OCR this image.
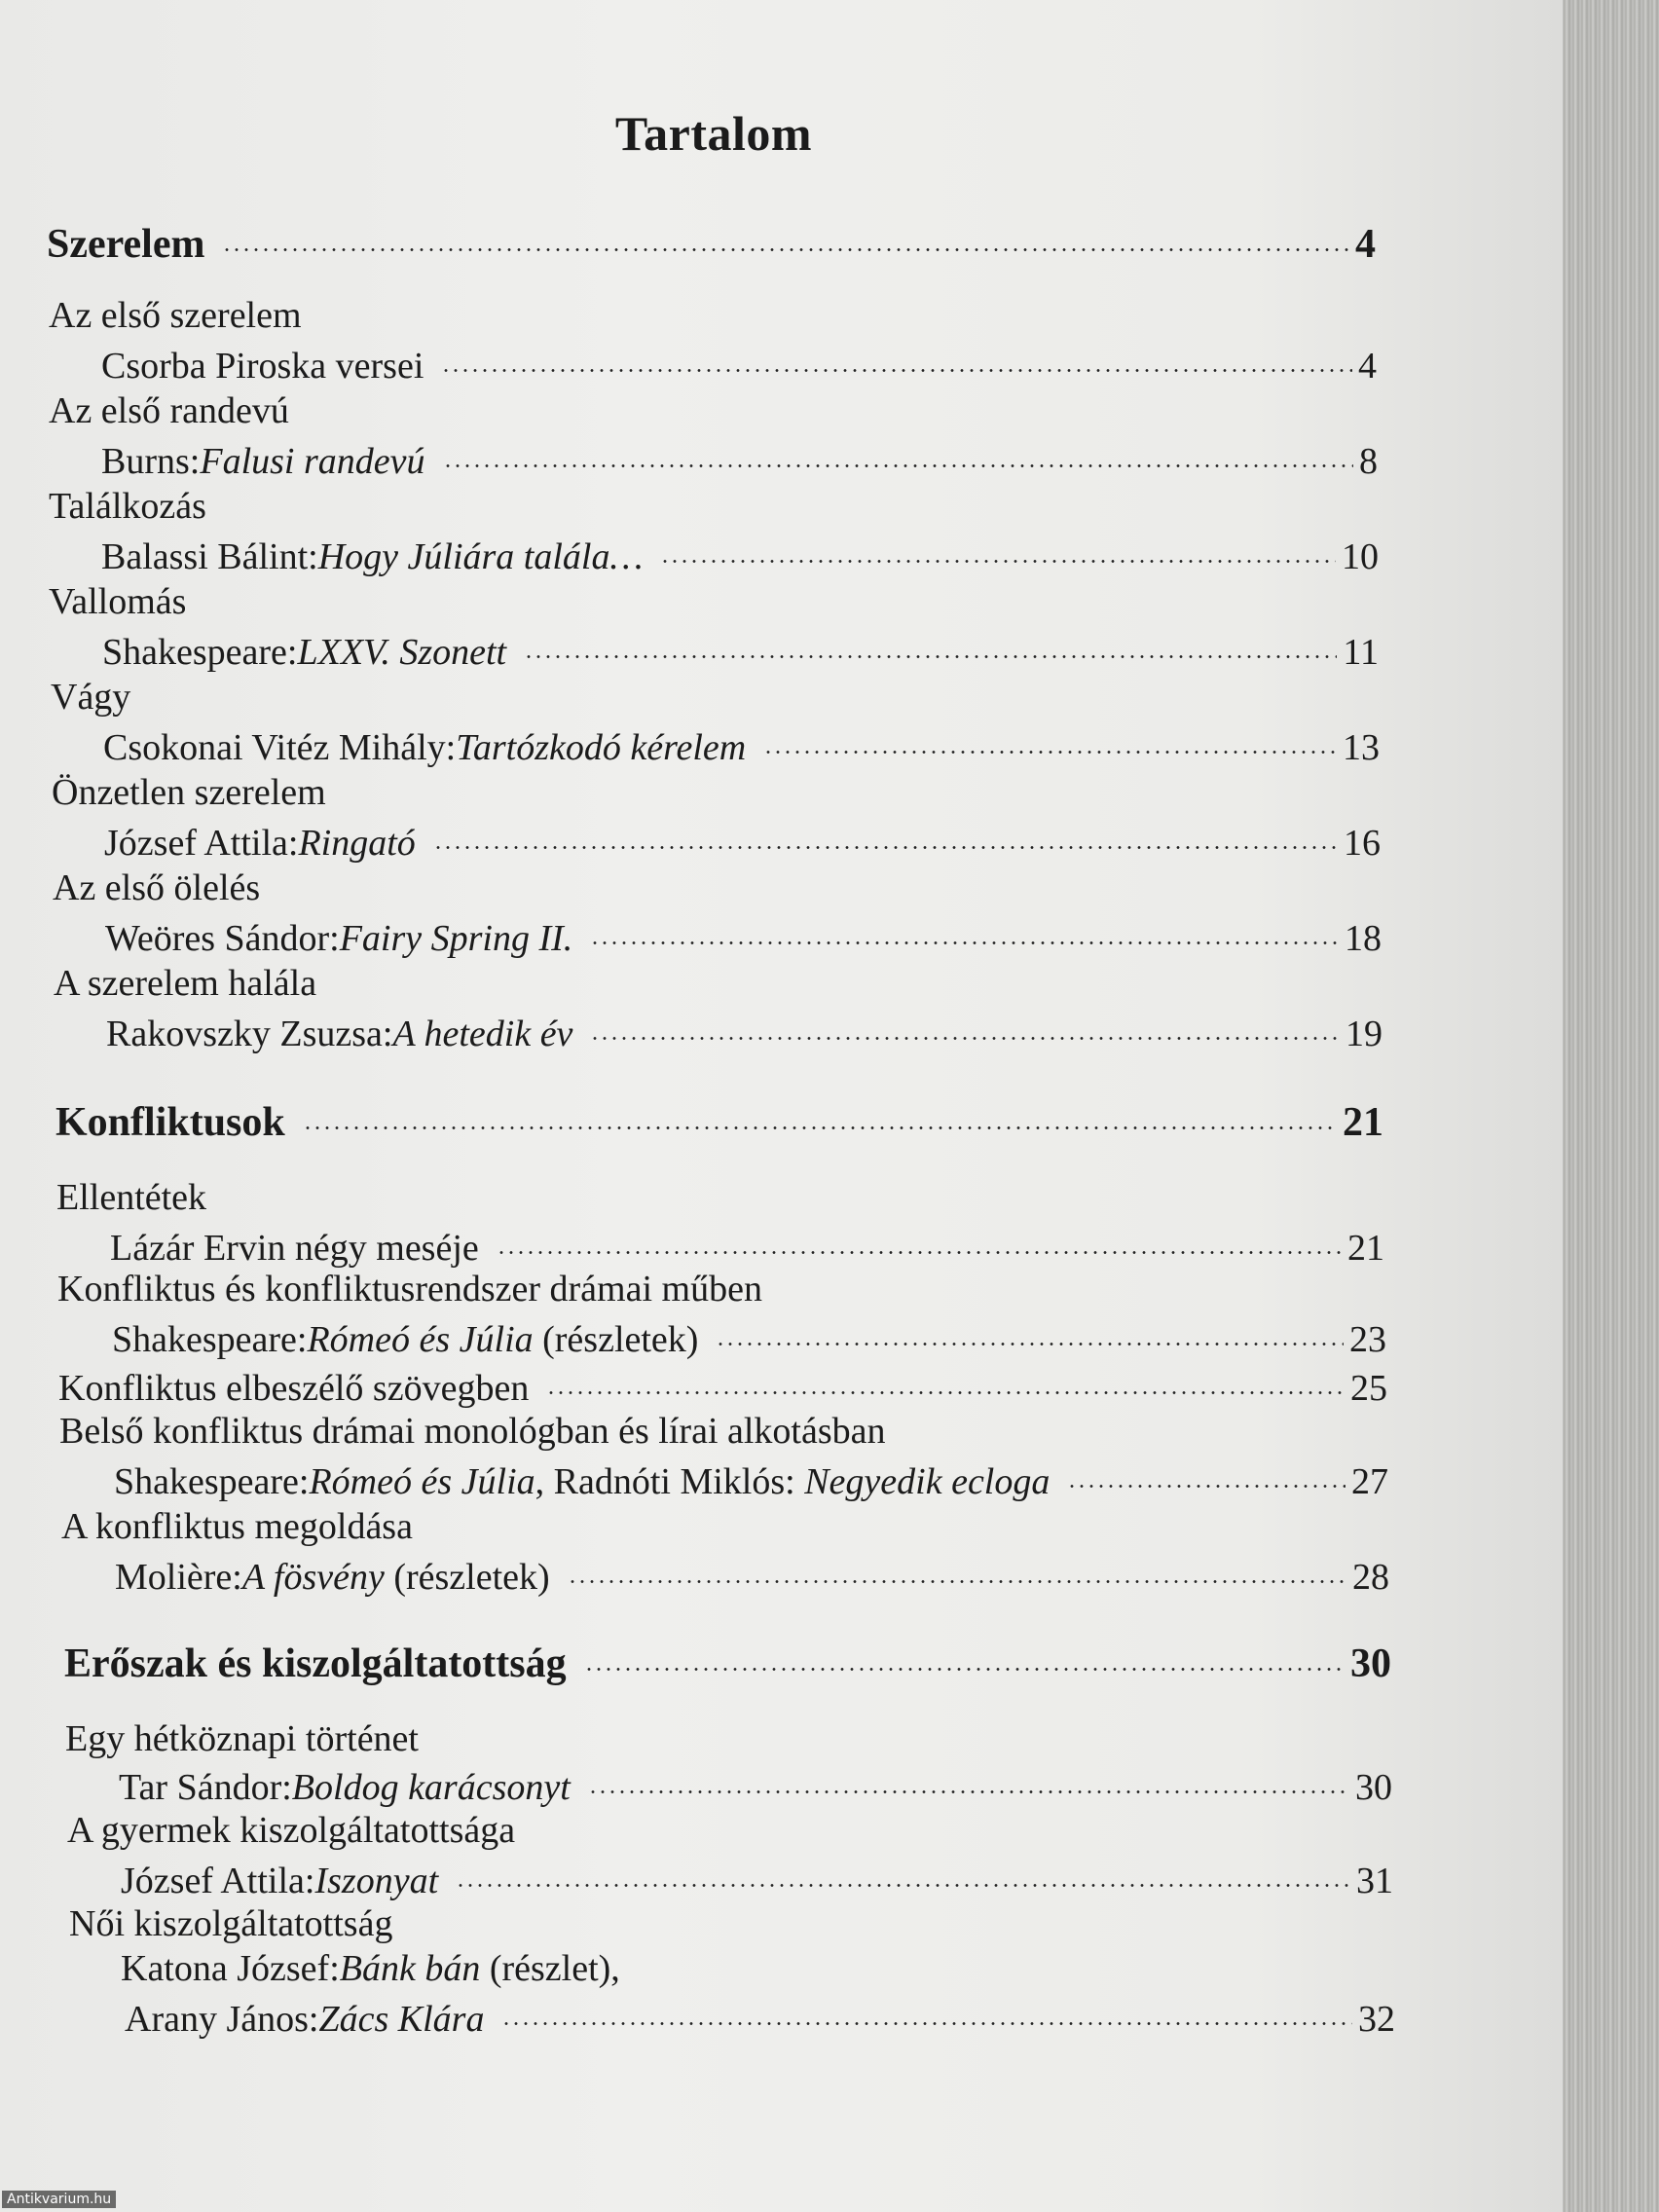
Tartalom
Szerelem	4
Az első szerelem
Csorba Piroska versei	4
Az első randevú
Burns: Falusi randevú	8
Találkozás
Balassi Bálint: Hogy Júliára talála…	10
Vallomás
Shakespeare: LXXV. Szonett	11
Vágy
Csokonai Vitéz Mihály: Tartózkodó kérelem	13
Önzetlen szerelem
József Attila: Ringató	16
Az első ölelés
Weöres Sándor: Fairy Spring II.	18
A szerelem halála
Rakovszky Zsuzsa: A hetedik év	19
Konfliktusok	21
Ellentétek
Lázár Ervin négy meséje	21
Konfliktus és konfliktusrendszer drámai műben
Shakespeare: Rómeó és Júlia (részletek)	23
Konfliktus elbeszélő szövegben	25
Belső konfliktus drámai monológban és lírai alkotásban
Shakespeare: Rómeó és Júlia , Radnóti Miklós: Negyedik ecloga	27
A konfliktus megoldása
Molière: A fösvény (részletek)	28
Erőszak és kiszolgáltatottság	30
Egy hétköznapi történet
Tar Sándor: Boldog karácsonyt	30
A gyermek kiszolgáltatottsága
József Attila: Iszonyat	31
Női kiszolgáltatottság
Katona József: Bánk bán (részlet),
Arany János: Zács Klára	32
Antikvarium.hu
